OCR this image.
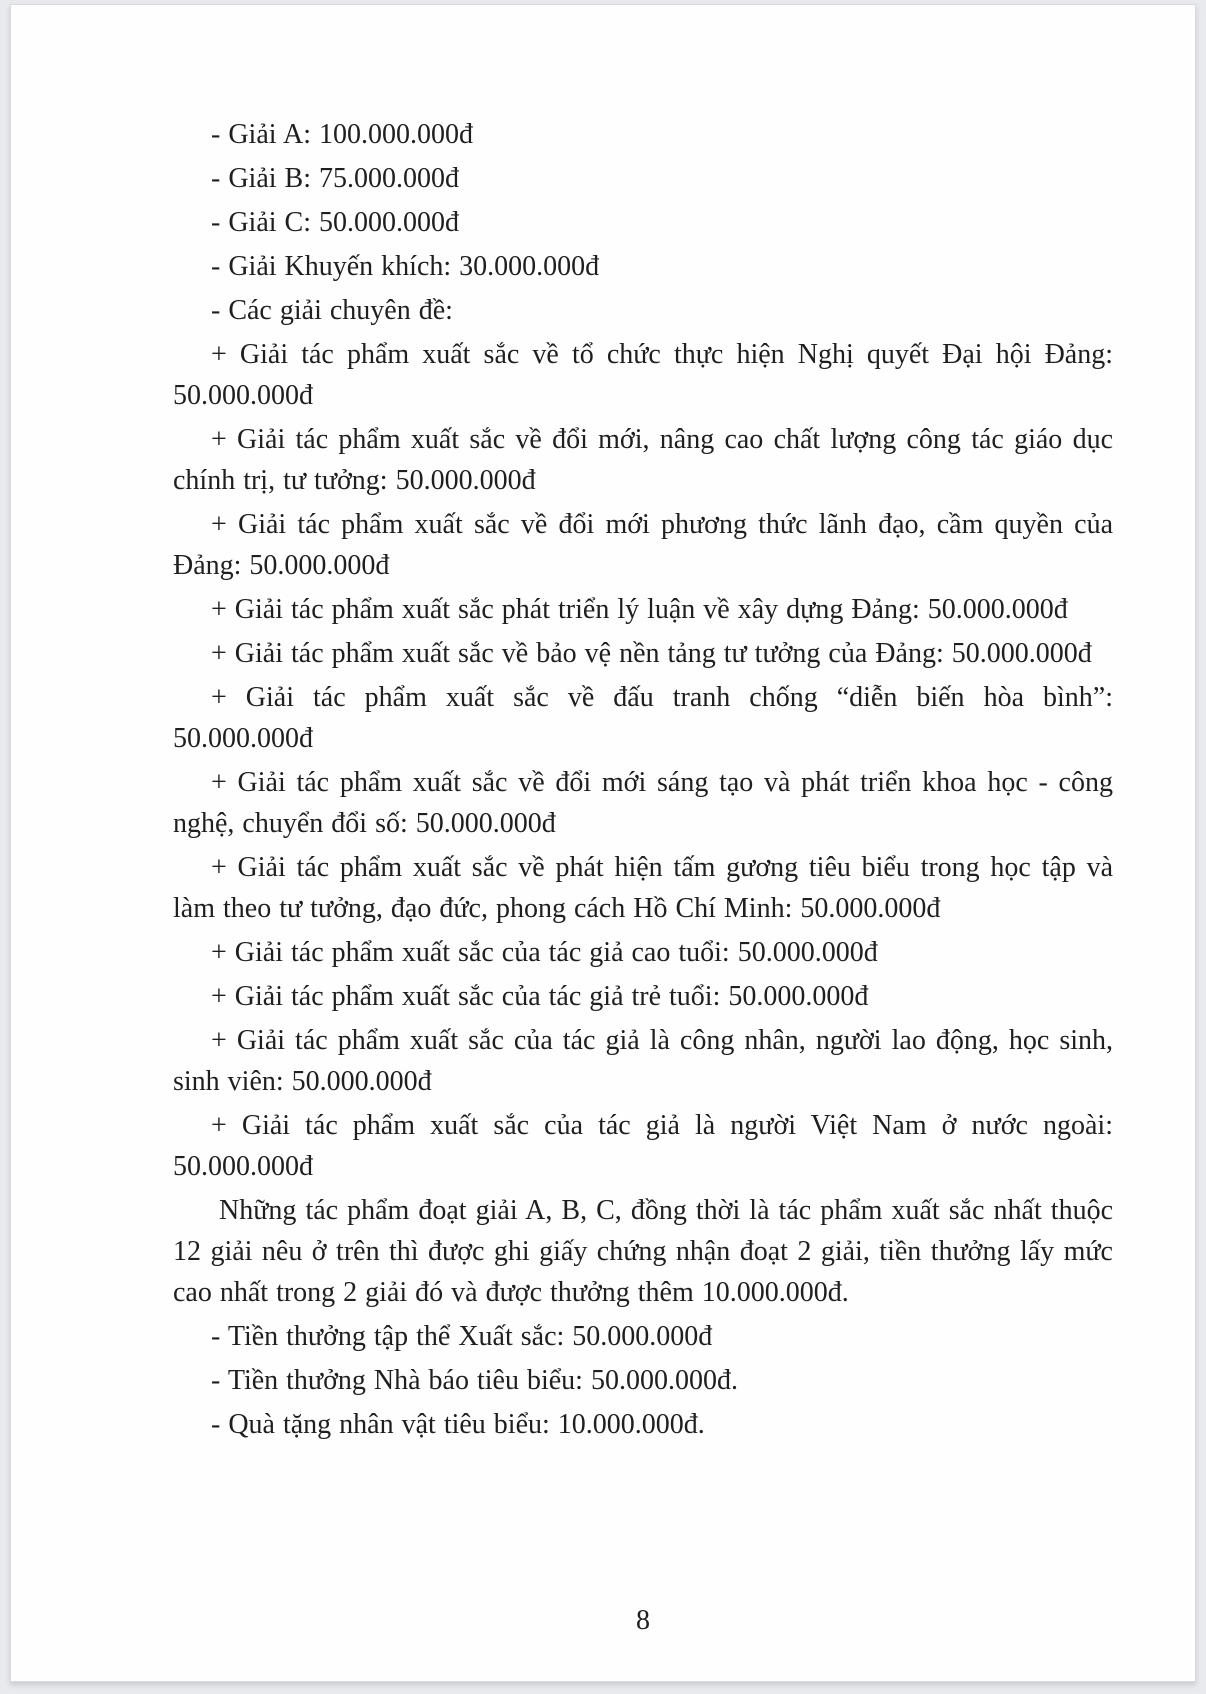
- Giải A: 100.000.000đ

- Giải B: 75.000.000đ

- Giải C: 50.000.000đ

- Giải Khuyến khích: 30.000.000đ

- Các giải chuyên đề:

+ Giải tác phẩm xuất sắc về tổ chức thực hiện Nghị quyết Đại hội Đảng: 50.000.000đ

+ Giải tác phẩm xuất sắc về đổi mới, nâng cao chất lượng công tác giáo dục chính trị, tư tưởng: 50.000.000đ

+ Giải tác phẩm xuất sắc về đổi mới phương thức lãnh đạo, cầm quyền của Đảng: 50.000.000đ

+ Giải tác phẩm xuất sắc phát triển lý luận về xây dựng Đảng: 50.000.000đ

+ Giải tác phẩm xuất sắc về bảo vệ nền tảng tư tưởng của Đảng: 50.000.000đ

+ Giải tác phẩm xuất sắc về đấu tranh chống “diễn biến hòa bình”: 50.000.000đ

+ Giải tác phẩm xuất sắc về đổi mới sáng tạo và phát triển khoa học - công nghệ, chuyển đổi số: 50.000.000đ

+ Giải tác phẩm xuất sắc về phát hiện tấm gương tiêu biểu trong học tập và làm theo tư tưởng, đạo đức, phong cách Hồ Chí Minh: 50.000.000đ

+ Giải tác phẩm xuất sắc của tác giả cao tuổi: 50.000.000đ

+ Giải tác phẩm xuất sắc của tác giả trẻ tuổi: 50.000.000đ

+ Giải tác phẩm xuất sắc của tác giả là công nhân, người lao động, học sinh, sinh viên: 50.000.000đ

+ Giải tác phẩm xuất sắc của tác giả là người Việt Nam ở nước ngoài: 50.000.000đ

Những tác phẩm đoạt giải A, B, C, đồng thời là tác phẩm xuất sắc nhất thuộc 12 giải nêu ở trên thì được ghi giấy chứng nhận đoạt 2 giải, tiền thưởng lấy mức cao nhất trong 2 giải đó và được thưởng thêm 10.000.000đ.

- Tiền thưởng tập thể Xuất sắc: 50.000.000đ

- Tiền thưởng Nhà báo tiêu biểu: 50.000.000đ.

- Quà tặng nhân vật tiêu biểu: 10.000.000đ.

8
